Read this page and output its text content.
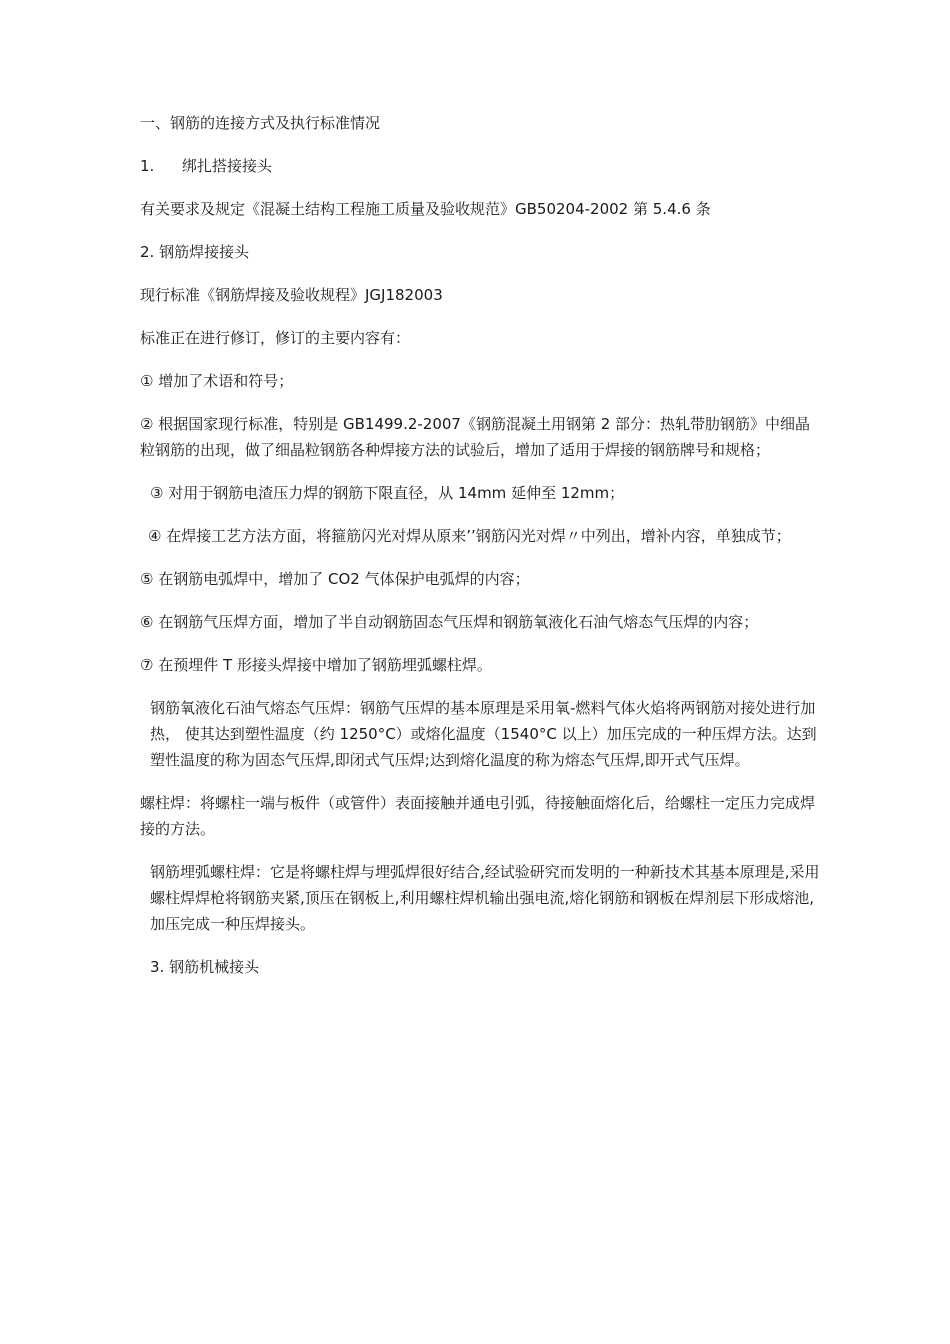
一、钢筋的连接方式及执行标准情况

1. 绑扎搭接接头

有关要求及规定《混凝土结构工程施工质量及验收规范》GB50204-2002 第 5.4.6 条

2. 钢筋焊接接头

现行标准《钢筋焊接及验收规程》JGJ182003

标准正在进行修订，修订的主要内容有：

① 增加了术语和符号；

② 根据国家现行标准，特别是 GB1499.2-2007《钢筋混凝土用钢第 2 部分：热轧带肋钢筋》中细晶粒钢筋的出现，做了细晶粒钢筋各种焊接方法的试验后，增加了适用于焊接的钢筋牌号和规格；

③ 对用于钢筋电渣压力焊的钢筋下限直径，从 14mm 延伸至 12mm；

④ 在焊接工艺方法方面，将箍筋闪光对焊从原来’’钢筋闪光对焊〃中列出，增补内容，单独成节；

⑤ 在钢筋电弧焊中，增加了 CO2 气体保护电弧焊的内容；

⑥ 在钢筋气压焊方面，增加了半自动钢筋固态气压焊和钢筋氧液化石油气熔态气压焊的内容；

⑦ 在预埋件 T 形接头焊接中增加了钢筋埋弧螺柱焊。

钢筋氧液化石油气熔态气压焊：钢筋气压焊的基本原理是采用氧-燃料气体火焰将两钢筋对接处进行加热， 使其达到塑性温度（约 1250°C）或熔化温度（1540°C 以上）加压完成的一种压焊方法。达到塑性温度的称为固态气压焊,即闭式气压焊;达到熔化温度的称为熔态气压焊,即开式气压焊。

螺柱焊：将螺柱一端与板件（或管件）表面接触并通电引弧，待接触面熔化后，给螺柱一定压力完成焊接的方法。

钢筋埋弧螺柱焊：它是将螺柱焊与埋弧焊很好结合,经试验研究而发明的一种新技术其基本原理是,采用螺柱焊焊枪将钢筋夹紧,顶压在钢板上,利用螺柱焊机输出强电流,熔化钢筋和钢板在焊剂层下形成熔池,加压完成一种压焊接头。

3. 钢筋机械接头
